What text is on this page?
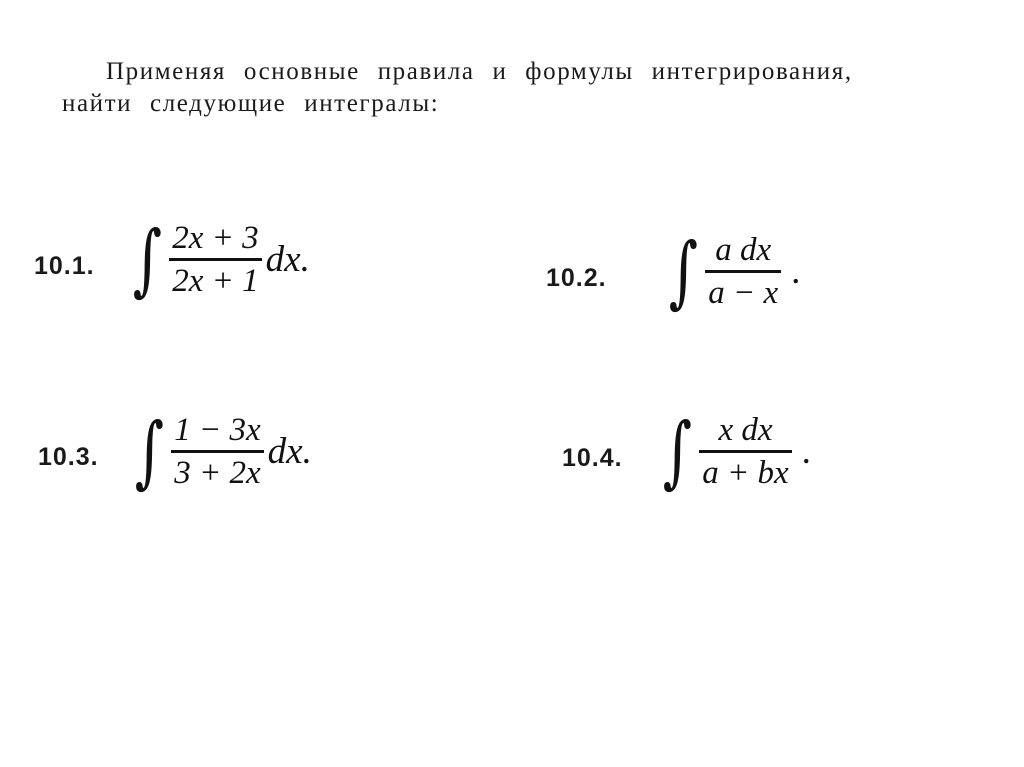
Применяя основные правила и формулы интегрирования,
найти следующие интегралы:
10.1. ∫ $\frac{2x + 3}{2x + 1}$ dx.	10.2. ∫ $\frac{\text{a dx}}{a - x}$ .
10.3. ∫ $\frac{1 - 3x}{3 + 2x}$ dx.	10.4. ∫ $\frac{\text{x dx}}{a + bx}$ .
